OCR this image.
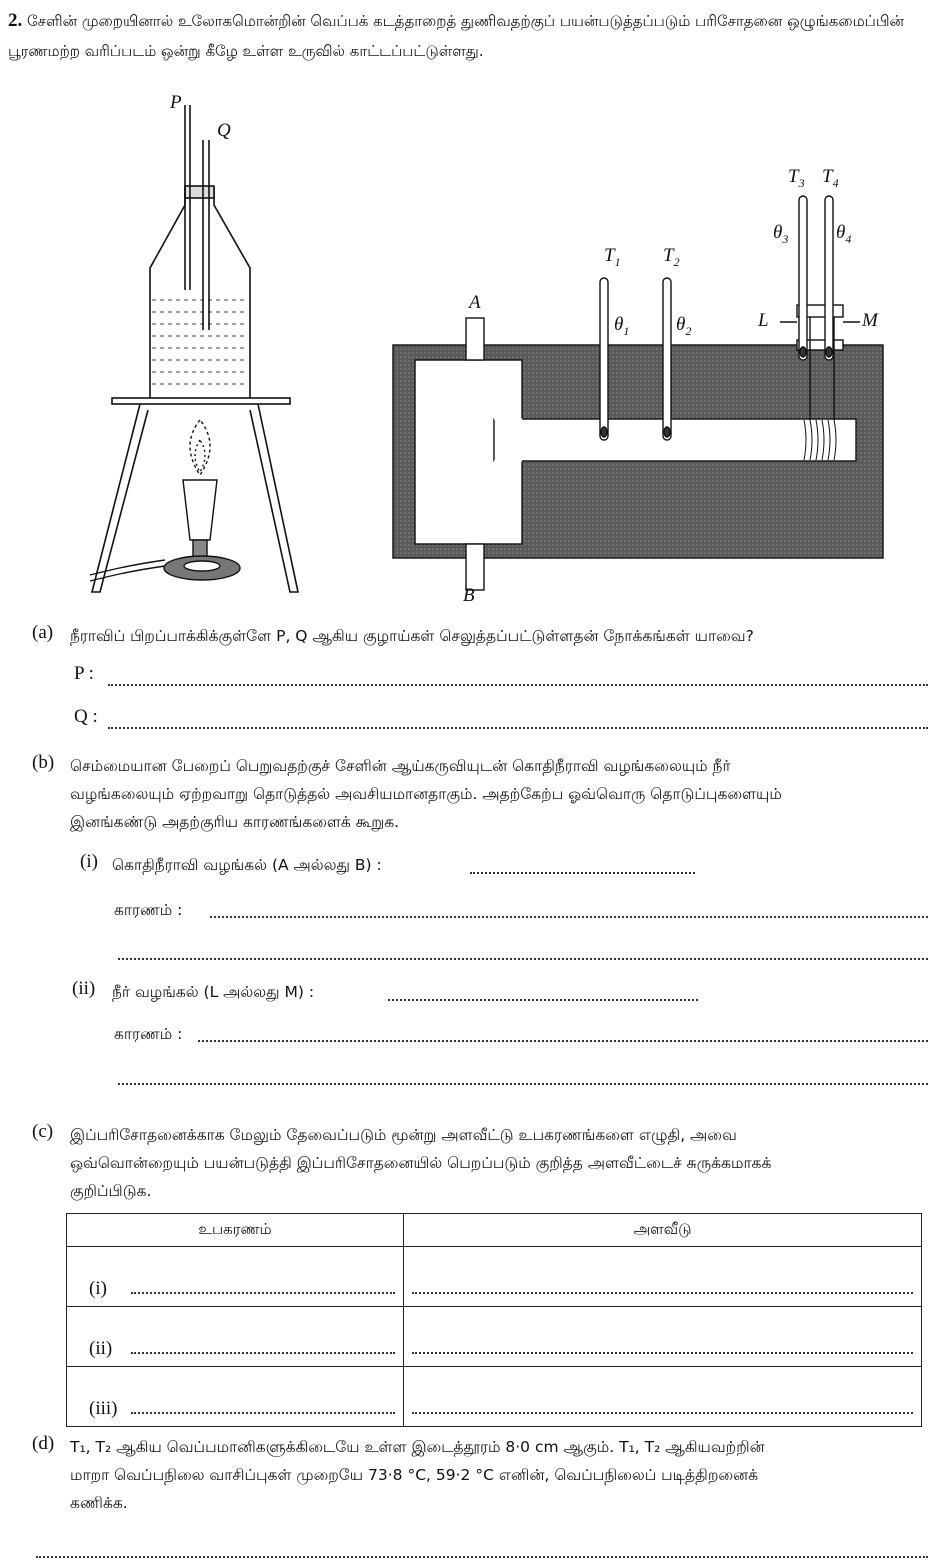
2. சேளின் முறையினால் உலோகமொன்றின் வெப்பக் கடத்தாறைத் துணிவதற்குப் பயன்படுத்தப்படும் பரிசோதனை ஒழுங்கமைப்பின் பூரணமற்ற வரிப்படம் ஒன்று கீழே உள்ள உருவில் காட்டப்பட்டுள்ளது.
P
Q
A
B
$T_1$ $T_2$
$T_3$ $T_4$
$\theta_1$ $\theta_2$
$\theta_3$	$\theta_4$
L	M
(a) நீராவிப் பிறப்பாக்கிக்குள்ளே P, Q ஆகிய குழாய்கள் செலுத்தப்பட்டுள்ளதன் நோக்கங்கள் யாவை?
P :
Q :
(b) செம்மையான பேறைப் பெறுவதற்குச் சேளின் ஆய்கருவியுடன் கொதிநீராவி வழங்கலையும் நீர்
வழங்கலையும் ஏற்றவாறு தொடுத்தல் அவசியமானதாகும். அதற்கேற்ப ஓவ்வொரு தொடுப்புகளையும்
இனங்கண்டு அதற்குரிய காரணங்களைக் கூறுக.
(i) கொதிநீராவி வழங்கல் (A அல்லது B) :
காரணம் :
(ii) நீர் வழங்கல் (L அல்லது M) :
காரணம் :
(c) இப்பரிசோதனைக்காக மேலும் தேவைப்படும் மூன்று அளவீட்டு உபகரணங்களை எழுதி, அவை
ஒவ்வொன்றையும் பயன்படுத்தி இப்பரிசோதனையில் பெறப்படும் குறித்த அளவீட்டைச் சுருக்கமாகக்
குறிப்பிடுக.
உபகரணம்	அளவீடு

(i)	

(ii)	

(iii)	

(d) T₁, T₂ ஆகிய வெப்பமானிகளுக்கிடையே உள்ள இடைத்தூரம் 8·0 cm ஆகும். T₁, T₂ ஆகியவற்றின்
மாறா வெப்பநிலை வாசிப்புகள் முறையே 73·8 °C, 59·2 °C எனின், வெப்பநிலைப் படித்திறனைக்
கணிக்க.
